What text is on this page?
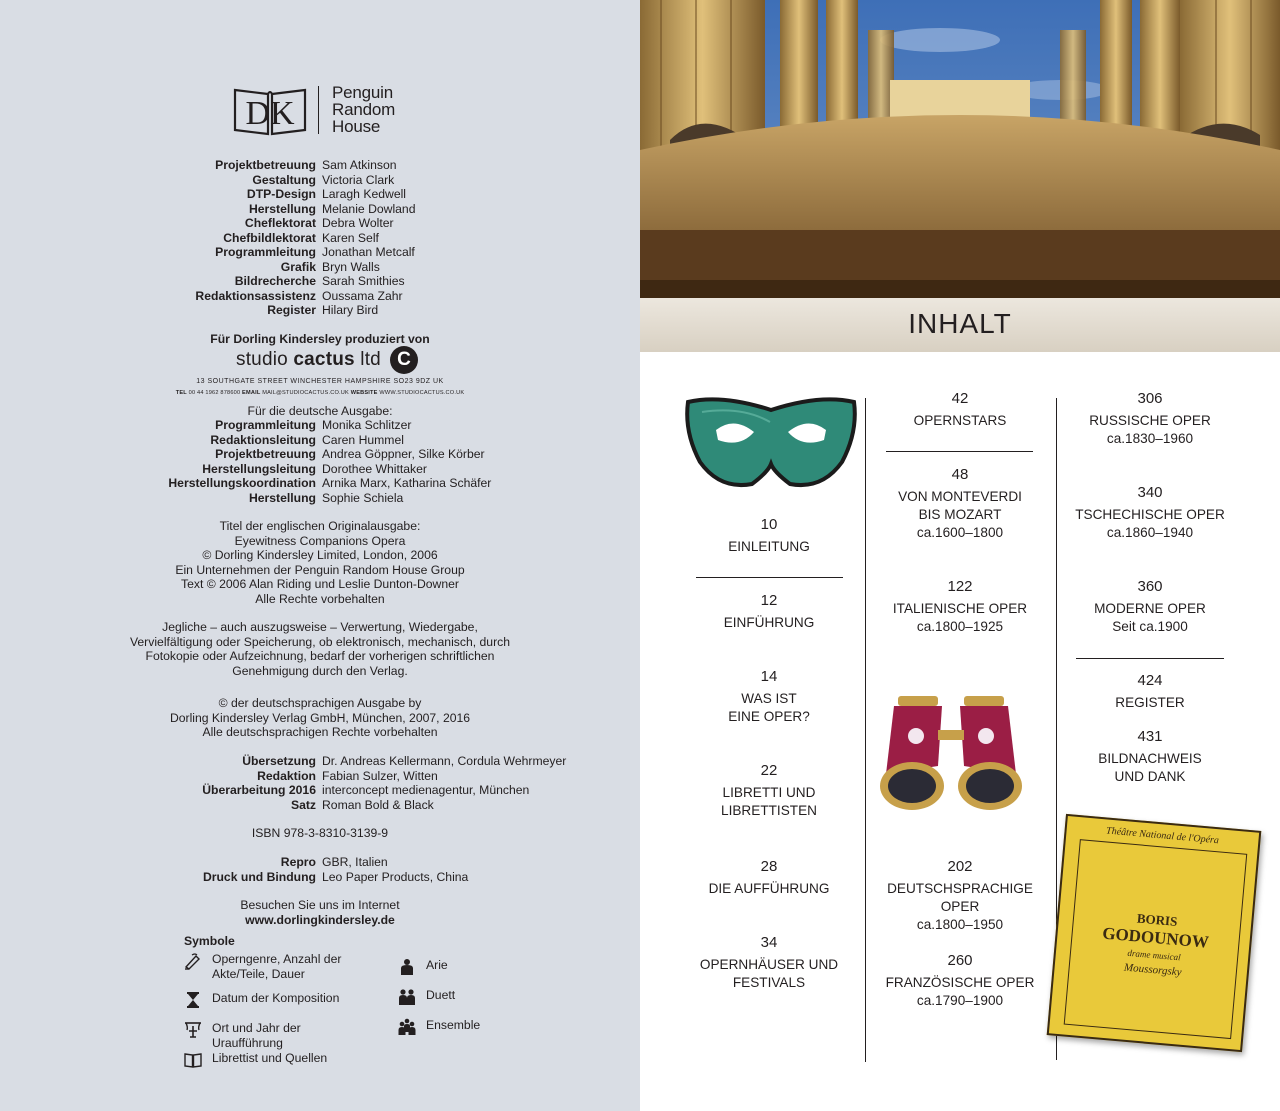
DK
Penguin
Random
House
Projektbetreuung Sam Atkinson
Gestaltung Victoria Clark
DTP-Design Laragh Kedwell
Herstellung Melanie Dowland
Cheflektorat Debra Wolter
Chefbildlektorat Karen Self
Programmleitung Jonathan Metcalf
Grafik Bryn Walls
Bildrecherche Sarah Smithies
Redaktionsassistenz Oussama Zahr
Register Hilary Bird
Für Dorling Kindersley produziert von
studio cactus ltd C
13 SOUTHGATE STREET WINCHESTER HAMPSHIRE SO23 9DZ UK
TEL 00 44 1962 878600 EMAIL MAIL@STUDIOCACTUS.CO.UK WEBSITE WWW.STUDIOCACTUS.CO.UK
Für die deutsche Ausgabe:
Programmleitung Monika Schlitzer
Redaktionsleitung Caren Hummel
Projektbetreuung Andrea Göppner, Silke Körber
Herstellungsleitung Dorothee Whittaker
Herstellungskoordination Arnika Marx, Katharina Schäfer
Herstellung Sophie Schiela
Titel der englischen Originalausgabe:
Eyewitness Companions Opera
© Dorling Kindersley Limited, London, 2006
Ein Unternehmen der Penguin Random House Group
Text © 2006 Alan Riding und Leslie Dunton-Downer
Alle Rechte vorbehalten
Jegliche – auch auszugsweise – Verwertung, Wiedergabe,
Vervielfältigung oder Speicherung, ob elektronisch, mechanisch, durch
Fotokopie oder Aufzeichnung, bedarf der vorherigen schriftlichen
Genehmigung durch den Verlag.
© der deutschsprachigen Ausgabe by
Dorling Kindersley Verlag GmbH, München, 2007, 2016
Alle deutschsprachigen Rechte vorbehalten
Übersetzung Dr. Andreas Kellermann, Cordula Wehrmeyer
Redaktion Fabian Sulzer, Witten
Überarbeitung 2016 interconcept medienagentur, München
Satz Roman Bold & Black
ISBN 978-3-8310-3139-9
Repro GBR, Italien
Druck und Bindung Leo Paper Products, China
Besuchen Sie uns im Internet
www.dorlingkindersley.de
Symbole
Operngenre, Anzahl der Akte/Teile, Dauer
Datum der Komposition
Ort und Jahr der Uraufführung
Librettist und Quellen
Arie
Duett
Ensemble
INHALT
Théâtre National de l'Opéra
BORIS
GODOUNOW
drame musical
Moussorgsky
10
EINLEITUNG
12
EINFÜHRUNG
14
WAS IST
EINE OPER?
22
LIBRETTI UND
LIBRETTISTEN
28
DIE AUFFÜHRUNG
34
OPERNHÄUSER UND
FESTIVALS
42
OPERNSTARS
48
VON MONTEVERDI
BIS MOZART
ca.1600–1800
122
ITALIENISCHE OPER
ca.1800–1925
202
DEUTSCHSPRACHIGE OPER
ca.1800–1950
260
FRANZÖSISCHE OPER
ca.1790–1900
306
RUSSISCHE OPER
ca.1830–1960
340
TSCHECHISCHE OPER
ca.1860–1940
360
MODERNE OPER
Seit ca.1900
424
REGISTER
431
BILDNACHWEIS
UND DANK
